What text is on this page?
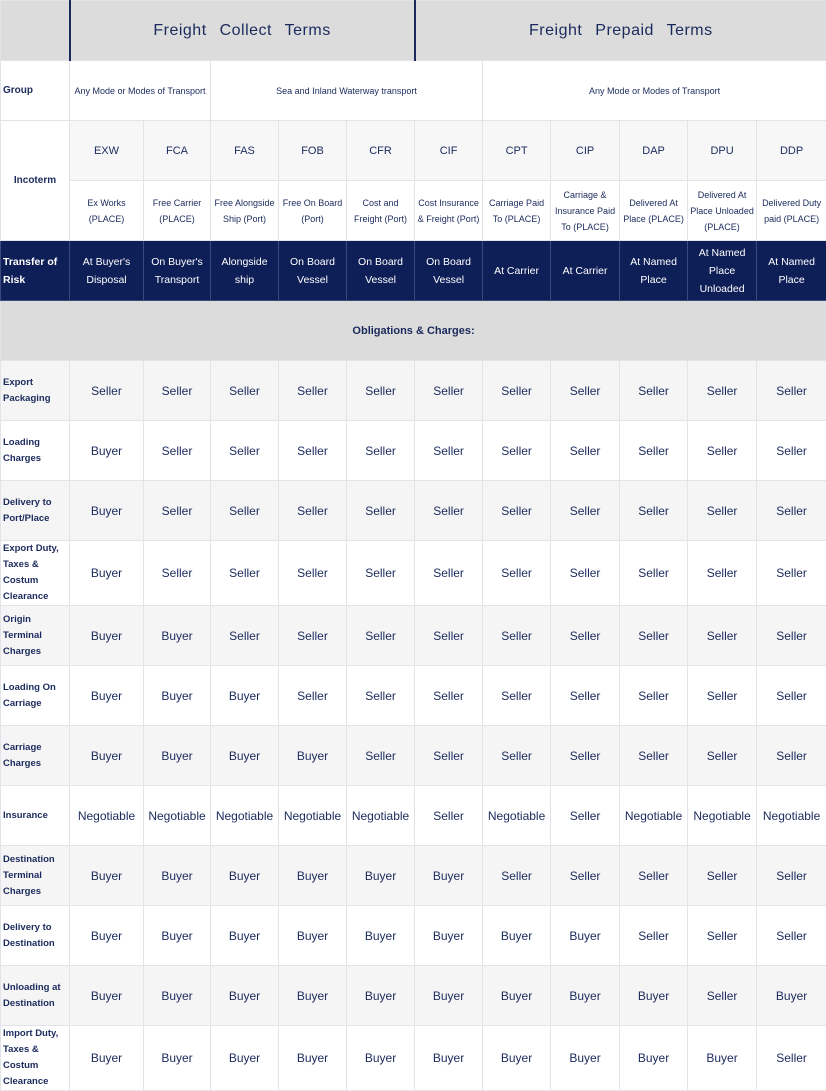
	Freight Collect Terms					Freight Prepaid Terms					
Group	Any Mode or Modes of Transport		Sea and Inland Waterway transport				Any Mode or Modes of Transport				
Incoterm	EXW	FCA	FAS	FOB	CFR	CIF	CPT	CIP	DAP	DPU	DDP
	Ex Works (PLACE)	Free Carrier (PLACE)	Free Alongside Ship (Port)	Free On Board (Port)	Cost and Freight (Port)	Cost Insurance & Freight (Port)	Carriage Paid To (PLACE)	Carriage & Insurance Paid To (PLACE)	Delivered At Place (PLACE)	Delivered At Place Unloaded (PLACE)	Delivered Duty paid (PLACE)
Transfer of Risk	At Buyer's Disposal	On Buyer's Transport	Alongside ship	On Board Vessel	On Board Vessel	On Board Vessel	At Carrier	At Carrier	At Named Place	At Named Place Unloaded	At Named Place
Obligations & Charges:											
Export Packaging	Seller	Seller	Seller	Seller	Seller	Seller	Seller	Seller	Seller	Seller	Seller
Loading Charges	Buyer	Seller	Seller	Seller	Seller	Seller	Seller	Seller	Seller	Seller	Seller
Delivery to Port/Place	Buyer	Seller	Seller	Seller	Seller	Seller	Seller	Seller	Seller	Seller	Seller
Export Duty, Taxes & Costum Clearance	Buyer	Seller	Seller	Seller	Seller	Seller	Seller	Seller	Seller	Seller	Seller
Origin Terminal Charges	Buyer	Buyer	Seller	Seller	Seller	Seller	Seller	Seller	Seller	Seller	Seller
Loading On Carriage	Buyer	Buyer	Buyer	Seller	Seller	Seller	Seller	Seller	Seller	Seller	Seller
Carriage Charges	Buyer	Buyer	Buyer	Buyer	Seller	Seller	Seller	Seller	Seller	Seller	Seller
Insurance	Negotiable	Negotiable	Negotiable	Negotiable	Negotiable	Seller	Negotiable	Seller	Negotiable	Negotiable	Negotiable
Destination Terminal Charges	Buyer	Buyer	Buyer	Buyer	Buyer	Buyer	Seller	Seller	Seller	Seller	Seller
Delivery to Destination	Buyer	Buyer	Buyer	Buyer	Buyer	Buyer	Buyer	Buyer	Seller	Seller	Seller
Unloading at Destination	Buyer	Buyer	Buyer	Buyer	Buyer	Buyer	Buyer	Buyer	Buyer	Seller	Buyer
Import Duty, Taxes & Costum Clearance	Buyer	Buyer	Buyer	Buyer	Buyer	Buyer	Buyer	Buyer	Buyer	Buyer	Seller
